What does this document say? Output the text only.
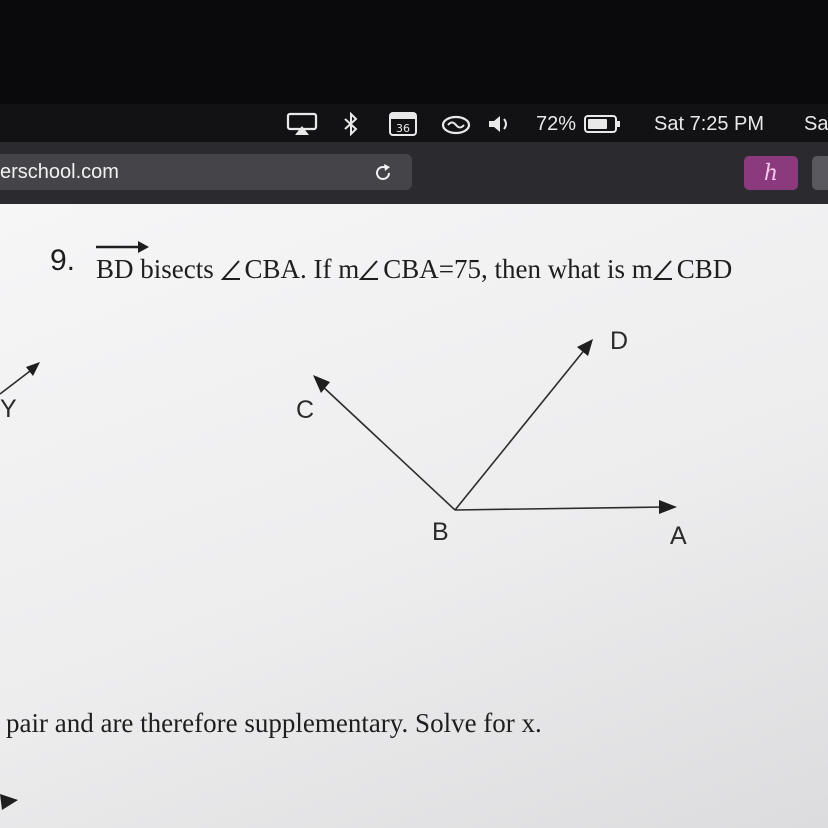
36	72%	Sat 7:25 PM Sa
erschool.com	h
9. BD bisects CBA. If m CBA=75, then what is m CBD
Y	C
D
B	A
pair and are therefore supplementary. Solve for x.
